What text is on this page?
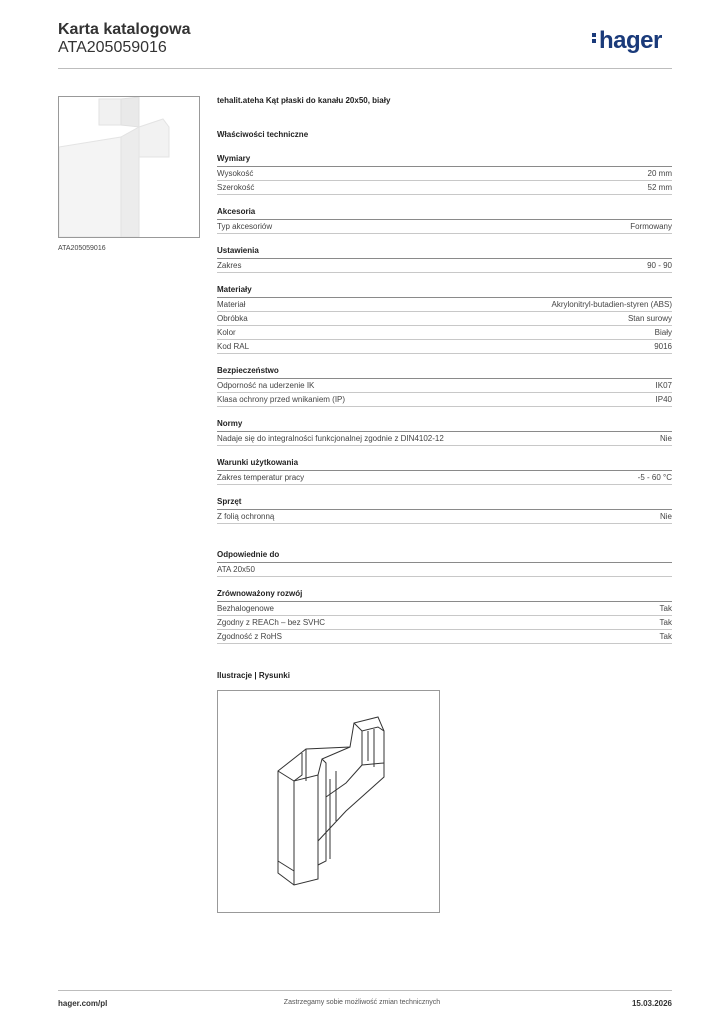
Karta katalogowa
ATA205059016	hager
ATA205059016
tehalit.ateha Kąt płaski do kanału 20x50, biały
Właściwości techniczne
Wymiary
Wysokość	20 mm
Szerokość	52 mm
Akcesoria
Typ akcesoriów	Formowany
Ustawienia
Zakres	90 - 90
Materiały
Materiał	Akrylonitryl-butadien-styren (ABS)
Obróbka	Stan surowy
Kolor	Biały
Kod RAL	9016
Bezpieczeństwo
Odporność na uderzenie IK	IK07
Klasa ochrony przed wnikaniem (IP)	IP40
Normy
Nadaje się do integralności funkcjonalnej zgodnie z DIN4102-12	Nie
Warunki użytkowania
Zakres temperatur pracy	-5 - 60 °C
Sprzęt
Z folią ochronną	Nie
Odpowiednie do
ATA 20x50
Zrównoważony rozwój
Bezhalogenowe	Tak
Zgodny z REACh – bez SVHC	Tak
Zgodność z RoHS	Tak
Ilustracje | Rysunki
hager.com/pl	Zastrzegamy sobie możliwość zmian technicznych	15.03.2026
